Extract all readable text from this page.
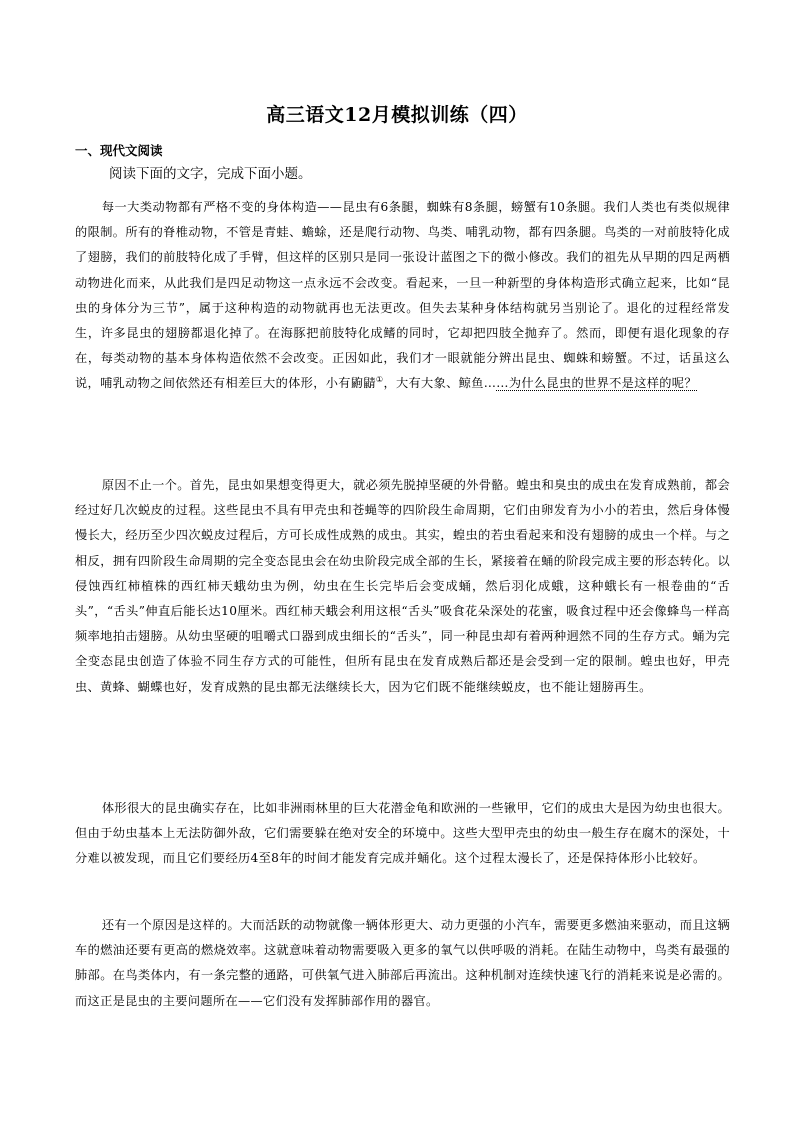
高三语文12月模拟训练（四）
一、现代文阅读
阅读下面的文字，完成下面小题。

每一大类动物都有严格不变的身体构造——昆虫有6条腿，蜘蛛有8条腿，螃蟹有10条腿。我们人类也有类似规律的限制。所有的脊椎动物，不管是青蛙、蟾蜍，还是爬行动物、鸟类、哺乳动物，都有四条腿。鸟类的一对前肢特化成了翅膀，我们的前肢特化成了手臂，但这样的区别只是同一张设计蓝图之下的微小修改。我们的祖先从早期的四足两栖动物进化而来，从此我们是四足动物这一点永远不会改变。看起来，一旦一种新型的身体构造形式确立起来，比如“昆虫的身体分为三节”，属于这种构造的动物就再也无法更改。但失去某种身体结构就另当别论了。退化的过程经常发生，许多昆虫的翅膀都退化掉了。在海豚把前肢特化成鳍的同时，它却把四肢全抛弃了。然而，即便有退化现象的存在，每类动物的基本身体构造依然不会改变。正因如此，我们才一眼就能分辨出昆虫、蜘蛛和螃蟹。不过，话虽这么说，哺乳动物之间依然还有相差巨大的体形，小有鼩鼱①，大有大象、鲸鱼……为什么昆虫的世界不是这样的呢？

原因不止一个。首先，昆虫如果想变得更大，就必须先脱掉坚硬的外骨骼。蝗虫和臭虫的成虫在发育成熟前，都会经过好几次蜕皮的过程。这些昆虫不具有甲壳虫和苍蝇等的四阶段生命周期，它们由卵发育为小小的若虫，然后身体慢慢长大，经历至少四次蜕皮过程后，方可长成性成熟的成虫。其实，蝗虫的若虫看起来和没有翅膀的成虫一个样。与之相反，拥有四阶段生命周期的完全变态昆虫会在幼虫阶段完成全部的生长，紧接着在蛹的阶段完成主要的形态转化。以侵蚀西红柿植株的西红柿天蛾幼虫为例，幼虫在生长完毕后会变成蛹，然后羽化成蛾，这种蛾长有一根卷曲的“舌头”，“舌头”伸直后能长达10厘米。西红柿天蛾会利用这根“舌头”吸食花朵深处的花蜜，吸食过程中还会像蜂鸟一样高频率地拍击翅膀。从幼虫坚硬的咀嚼式口器到成虫细长的“舌头”，同一种昆虫却有着两种迥然不同的生存方式。蛹为完全变态昆虫创造了体验不同生存方式的可能性，但所有昆虫在发育成熟后都还是会受到一定的限制。蝗虫也好，甲壳虫、黄蜂、蝴蝶也好，发育成熟的昆虫都无法继续长大，因为它们既不能继续蜕皮，也不能让翅膀再生。

体形很大的昆虫确实存在，比如非洲雨林里的巨大花潜金龟和欧洲的一些锹甲，它们的成虫大是因为幼虫也很大。但由于幼虫基本上无法防御外敌，它们需要躲在绝对安全的环境中。这些大型甲壳虫的幼虫一般生存在腐木的深处，十分难以被发现，而且它们要经历4至8年的时间才能发育完成并蛹化。这个过程太漫长了，还是保持体形小比较好。

还有一个原因是这样的。大而活跃的动物就像一辆体形更大、动力更强的小汽车，需要更多燃油来驱动，而且这辆车的燃油还要有更高的燃烧效率。这就意味着动物需要吸入更多的氧气以供呼吸的消耗。在陆生动物中，鸟类有最强的肺部。在鸟类体内，有一条完整的通路，可供氧气进入肺部后再流出。这种机制对连续快速飞行的消耗来说是必需的。而这正是昆虫的主要问题所在——它们没有发挥肺部作用的器官。
